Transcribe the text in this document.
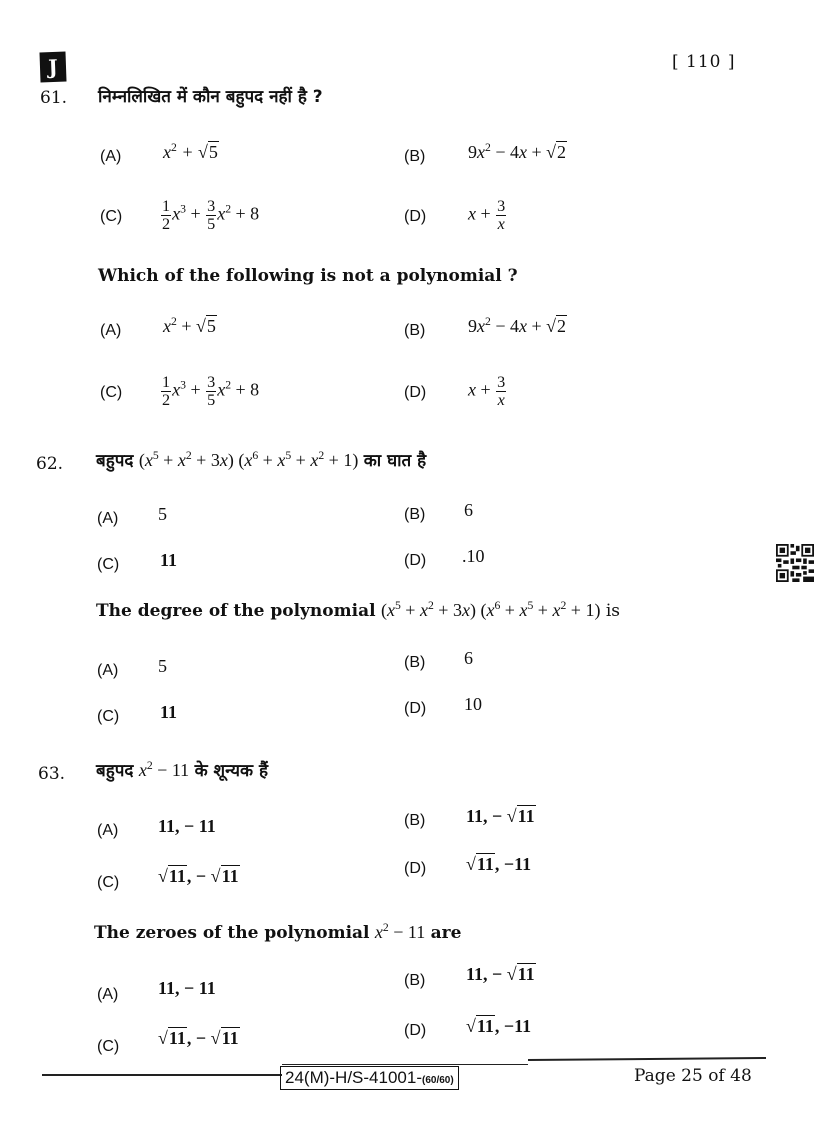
J	[ 110 ]
61. निम्नलिखित में कौन बहुपद नहीं है ?
(A) $x^2 + √5$	(B) $9x^2 - 4x + √2$
$(C) \frac{1}{2} x^3 + \frac{3}{5} x^2 + 8$	(D) $x + \frac{3}{x}$
Which of the following is not a polynomial ?
(A) $x^2 + √5$	(B) $9x^2 - 4x + √2$
$(C) \frac{1}{2} x^3 + \frac{3}{5} x^2 + 8$	(D) $x + \frac{3}{x}$
62. बहुपद $(x^5 + x^2 + 3x) (x^6 + x^5 + x^2 + 1)$ का घात है
(A) 5	(B) 6
(C) 11	(D) .10
The degree of the polynomial $(x^5 + x^2 + 3x) (x^6 + x^5 + x^2 + 1)$ is
(A) 5	(B) 6
(C) 11	(D) 10
63. बहुपद $x^2 - 11$ के शून्यक हैं
(A) 11, − 11	(B) 11, − √11
(C) √11, − √11	(D) √11, −11
The zeroes of the polynomial $x^2 - 11$ are
(A) 11, − 11	(B) 11, − √11
(C) √11, − √11	(D) √11, −11
24(M)-H/S-41001-(60/60)	Page 25 of 48
